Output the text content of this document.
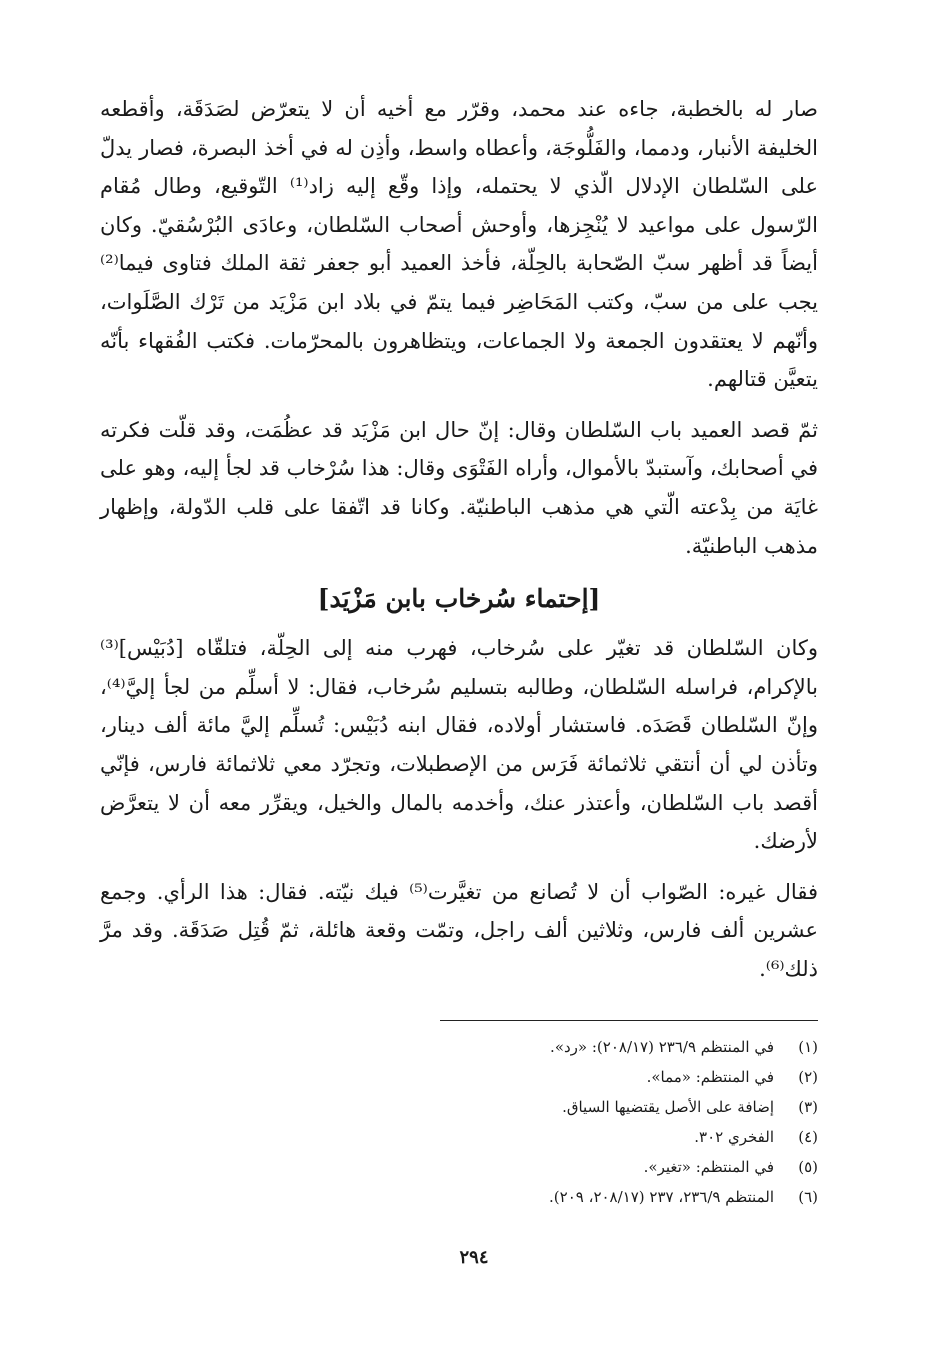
صار له بالخطبة، جاءه عند محمد، وقرّر مع أخيه أن لا يتعرّض لصَدَقَة، وأقطعه الخليفة الأنبار، ودمما، والفَلُّوجَة، وأعطاه واسط، وأذِن له في أخذ البصرة، فصار يدلّ على السّلطان الإدلال الّذي لا يحتمله، وإذا وقّع إليه زاد⁽¹⁾ التّوقيع، وطال مُقام الرّسول على مواعيد لا يُنْجِزها، وأوحش أصحاب السّلطان، وعادَى البُرْسُقيّ. وكان أيضاً قد أظهر سبّ الصّحابة بالحِلّة، فأخذ العميد أبو جعفر ثقة الملك فتاوى فيما⁽²⁾ يجب على من سبّ، وكتب المَحَاضِر فيما يتمّ في بلاد ابن مَزْيَد من تَرْك الصَّلَوات، وأنّهم لا يعتقدون الجمعة ولا الجماعات، ويتظاهرون بالمحرّمات. فكتب الفُقهاء بأنّه يتعيَّن قتالهم.

ثمّ قصد العميد باب السّلطان وقال: إنّ حال ابن مَزْيَد قد عظُمَت، وقد قلّت فكرته في أصحابك، وآستبدّ بالأموال، وأراه الفَتْوَى وقال: هذا سُرْخاب قد لجأ إليه، وهو على غايَة من بِدْعته الّتي هي مذهب الباطنيّة. وكانا قد اتّفقا على قلب الدّولة، وإظهار مذهب الباطنيّة.

[إحتماء سُرخاب بابن مَزْيَد]

وكان السّلطان قد تغيّر على سُرخاب، فهرب منه إلى الحِلّة، فتلقّاه [دُبَيْس]⁽³⁾ بالإكرام، فراسله السّلطان، وطالبه بتسليم سُرخاب، فقال: لا أسلِّم من لجأ إليَّ⁽⁴⁾، وإنّ السّلطان قَصَدَه. فاستشار أولاده، فقال ابنه دُبَيْس: تُسلِّم إليَّ مائة ألف دينار، وتأذن لي أن أنتقي ثلاثمائة فَرَس من الإصطبلات، وتجرّد معي ثلاثمائة فارس، فإنّي أقصد باب السّلطان، وأعتذر عنك، وأخدمه بالمال والخيل، ويقرِّر معه أن لا يتعرَّض لأرضك.

فقال غيره: الصّواب أن لا تُصانع من تغيَّرت⁽⁵⁾ فيك نيّته. فقال: هذا الرأي. وجمع عشرين ألف فارس، وثلاثين ألف راجل، وتمّت وقعة هائلة، ثمّ قُتِل صَدَقَة. وقد مرَّ ذلك⁽⁶⁾.

(١)
في المنتظم ٢٣٦/٩ (٢٠٨/١٧): «رد».
(٢)
في المنتظم: «مما».
(٣)
إضافة على الأصل يقتضيها السياق.
(٤)
الفخري ٣٠٢.
(٥)
في المنتظم: «تغير».
(٦)
المنتظم ٢٣٦/٩، ٢٣٧ (٢٠٨/١٧، ٢٠٩).
٢٩٤
